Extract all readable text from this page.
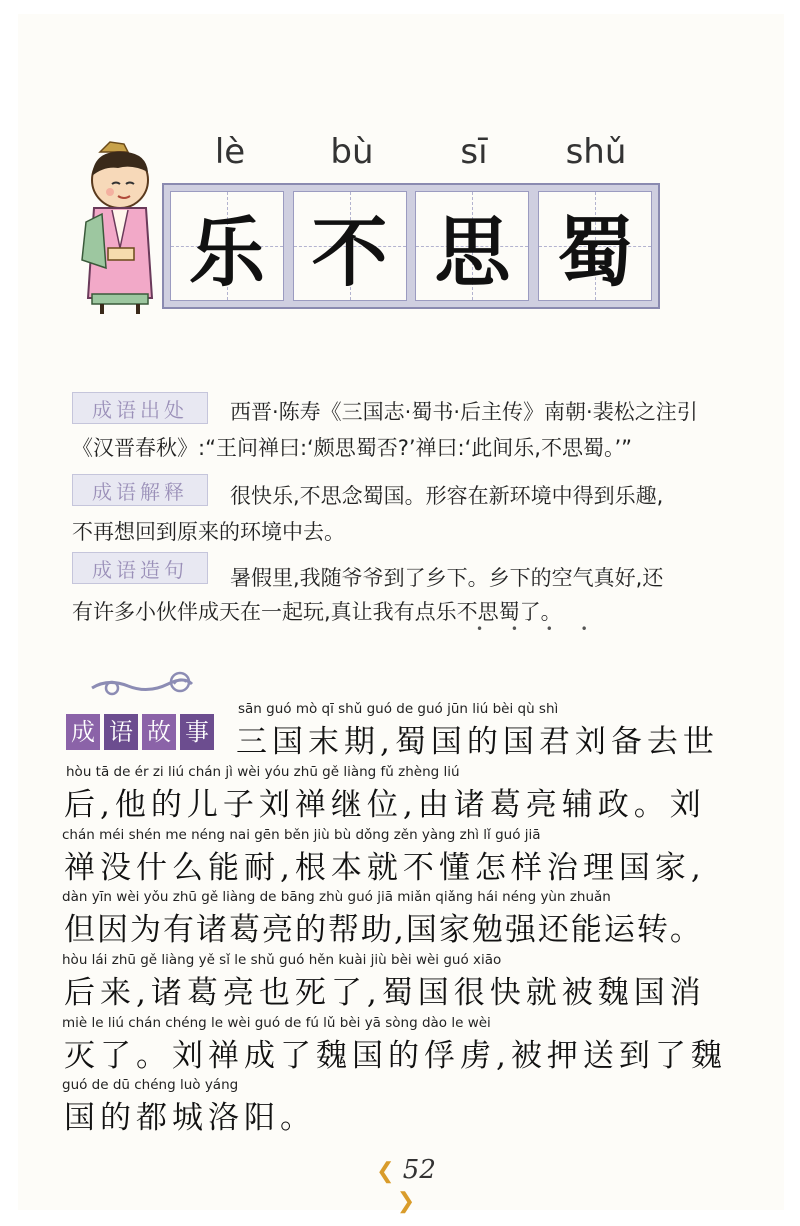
lè	bù	sī	shǔ
乐 不 思 蜀
成语出处	西晋·陈寿《三国志·蜀书·后主传》南朝·裴松之注引
《汉晋春秋》:“王问禅曰:‘颇思蜀否?’禅曰:‘此间乐,不思蜀。’”
成语解释	很快乐,不思念蜀国。形容在新环境中得到乐趣,
不再想回到原来的环境中去。
成语造句	暑假里,我随爷爷到了乡下。乡下的空气真好,还
有许多小伙伴成天在一起玩,真让我有点乐不思蜀了。
• • • •
成 语 故 事
sān guó mò qī shǔ guó de guó jūn liú bèi qù shì
三国末期,蜀国的国君刘备去世
hòu tā de ér zi liú chán jì wèi yóu zhū gě liàng fǔ zhèng liú
后,他的儿子刘禅继位,由诸葛亮辅政。刘
chán méi shén me néng nai gēn běn jiù bù dǒng zěn yàng zhì lǐ guó jiā
禅没什么能耐,根本就不懂怎样治理国家,
dàn yīn wèi yǒu zhū gě liàng de bāng zhù guó jiā miǎn qiǎng hái néng yùn zhuǎn
但因为有诸葛亮的帮助,国家勉强还能运转。
hòu lái zhū gě liàng yě sǐ le shǔ guó hěn kuài jiù bèi wèi guó xiāo
后来,诸葛亮也死了,蜀国很快就被魏国消
miè le liú chán chéng le wèi guó de fú lǔ bèi yā sòng dào le wèi
灭了。刘禅成了魏国的俘虏,被押送到了魏
guó de dū chéng luò yáng
国的都城洛阳。
❮ 52 ❯
